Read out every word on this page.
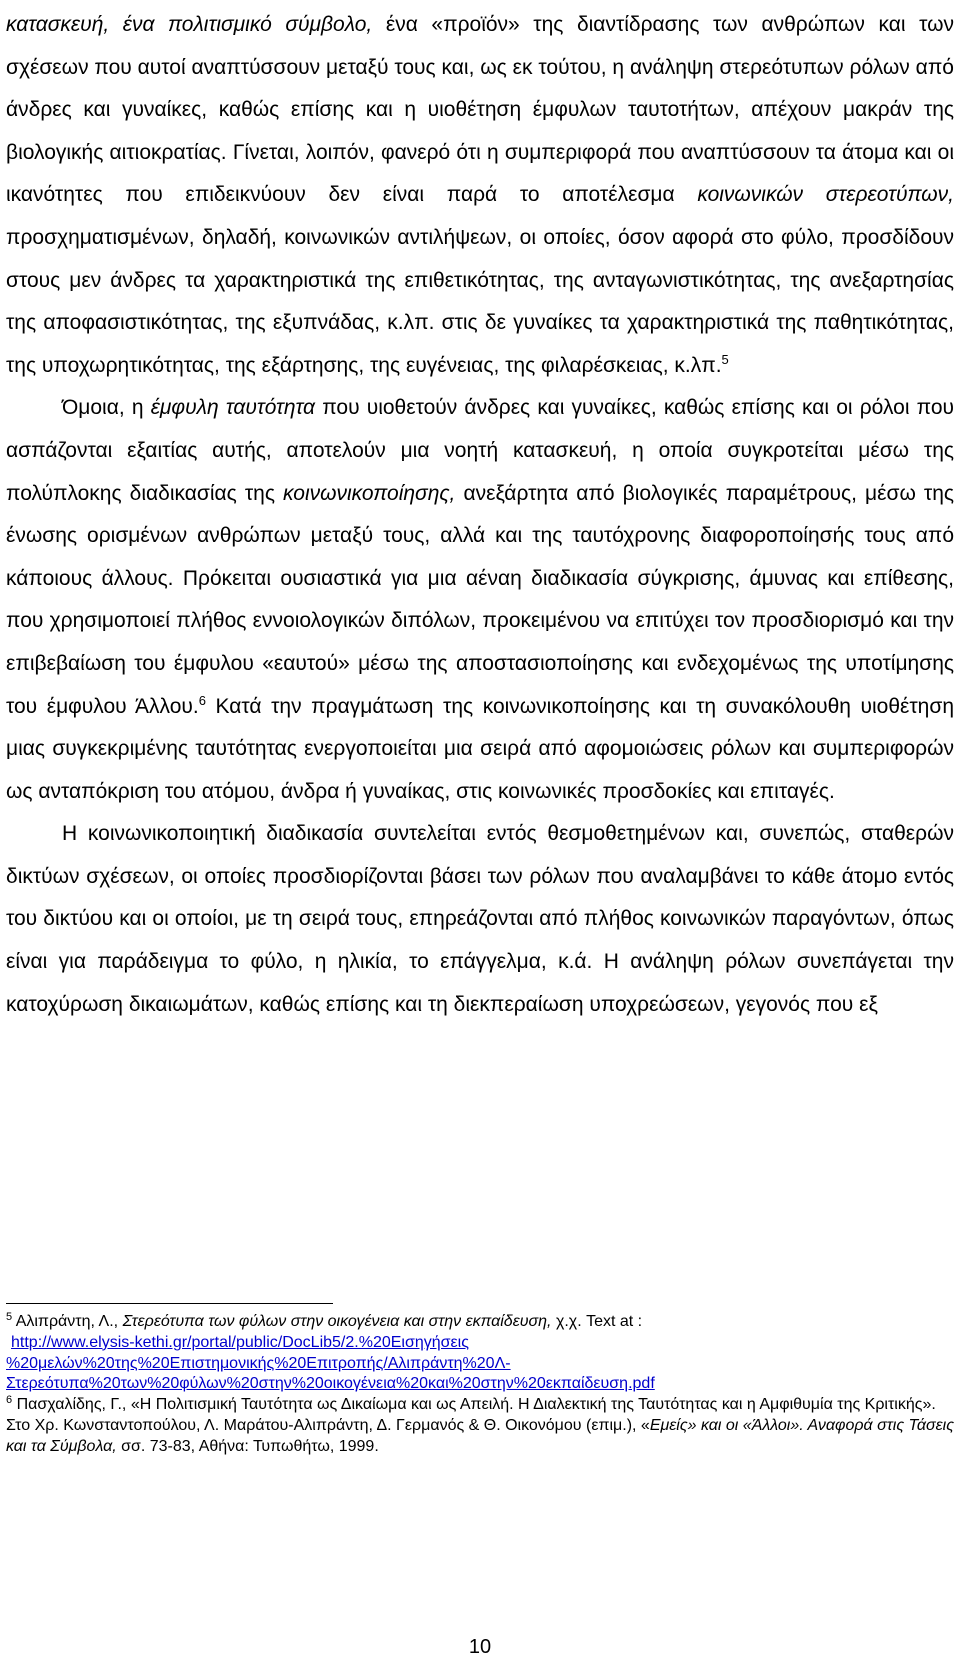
κατασκευή, ένα πολιτισμικό σύμβολο, ένα «προϊόν» της διαντίδρασης των ανθρώπων και των σχέσεων που αυτοί αναπτύσσουν μεταξύ τους και, ως εκ τούτου, η ανάληψη στερεότυπων ρόλων από άνδρες και γυναίκες, καθώς επίσης και η υιοθέτηση έμφυλων ταυτοτήτων, απέχουν μακράν της βιολογικής αιτιοκρατίας. Γίνεται, λοιπόν, φανερό ότι η συμπεριφορά που αναπτύσσουν τα άτομα και οι ικανότητες που επιδεικνύουν δεν είναι παρά το αποτέλεσμα κοινωνικών στερεοτύπων, προσχηματισμένων, δηλαδή, κοινωνικών αντιλήψεων, οι οποίες, όσον αφορά στο φύλο, προσδίδουν στους μεν άνδρες τα χαρακτηριστικά της επιθετικότητας, της ανταγωνιστικότητας, της ανεξαρτησίας της αποφασιστικότητας, της εξυπνάδας, κ.λπ. στις δε γυναίκες τα χαρακτηριστικά της παθητικότητας, της υποχωρητικότητας, της εξάρτησης, της ευγένειας, της φιλαρέσκειας, κ.λπ.$^5$

Όμοια, η έμφυλη ταυτότητα που υιοθετούν άνδρες και γυναίκες, καθώς επίσης και οι ρόλοι που ασπάζονται εξαιτίας αυτής, αποτελούν μια νοητή κατασκευή, η οποία συγκροτείται μέσω της πολύπλοκης διαδικασίας της κοινωνικοποίησης, ανεξάρτητα από βιολογικές παραμέτρους, μέσω της ένωσης ορισμένων ανθρώπων μεταξύ τους, αλλά και της ταυτόχρονης διαφοροποίησής τους από κάποιους άλλους. Πρόκειται ουσιαστικά για μια αέναη διαδικασία σύγκρισης, άμυνας και επίθεσης, που χρησιμοποιεί πλήθος εννοιολογικών διπόλων, προκειμένου να επιτύχει τον προσδιορισμό και την επιβεβαίωση του έμφυλου «εαυτού» μέσω της αποστασιοποίησης και ενδεχομένως της υποτίμησης του έμφυλου Άλλου.$^6$ Κατά την πραγμάτωση της κοινωνικοποίησης και τη συνακόλουθη υιοθέτηση μιας συγκεκριμένης ταυτότητας ενεργοποιείται μια σειρά από αφομοιώσεις ρόλων και συμπεριφορών ως ανταπόκριση του ατόμου, άνδρα ή γυναίκας, στις κοινωνικές προσδοκίες και επιταγές.

Η κοινωνικοποιητική διαδικασία συντελείται εντός θεσμοθετημένων και, συνεπώς, σταθερών δικτύων σχέσεων, οι οποίες προσδιορίζονται βάσει των ρόλων που αναλαμβάνει το κάθε άτομο εντός του δικτύου και οι οποίοι, με τη σειρά τους, επηρεάζονται από πλήθος κοινωνικών παραγόντων, όπως είναι για παράδειγμα το φύλο, η ηλικία, το επάγγελμα, κ.ά. Η ανάληψη ρόλων συνεπάγεται την κατοχύρωση δικαιωμάτων, καθώς επίσης και τη διεκπεραίωση υποχρεώσεων, γεγονός που εξ

$^5$ Αλιπράντη, Λ., Στερεότυπα των φύλων στην οικογένεια και στην εκπαίδευση, χ.χ. Text at :
http://www.elysis-kethi.gr/portal/public/DocLib5/2.%20Εισηγήσεις
%20μελών%20της%20Επιστημονικής%20Επιτροπής/Αλιπράντη%20Λ-
Στερεότυπα%20των%20φύλων%20στην%20οικογένεια%20και%20στην%20εκπαίδευση.pdf

$^6$ Πασχαλίδης, Γ., «Η Πολιτισμική Ταυτότητα ως Δικαίωμα και ως Απειλή. Η Διαλεκτική της Ταυτότητας και η Αμφιθυμία της Κριτικής». Στο Χρ. Κωνσταντοπούλου, Λ. Μαράτου-Αλιπράντη, Δ. Γερμανός & Θ. Οικονόμου (επιμ.), «Εμείς» και οι «Άλλοι». Αναφορά στις Τάσεις και τα Σύμβολα, σσ. 73-83, Αθήνα: Τυπωθήτω, 1999.

10
